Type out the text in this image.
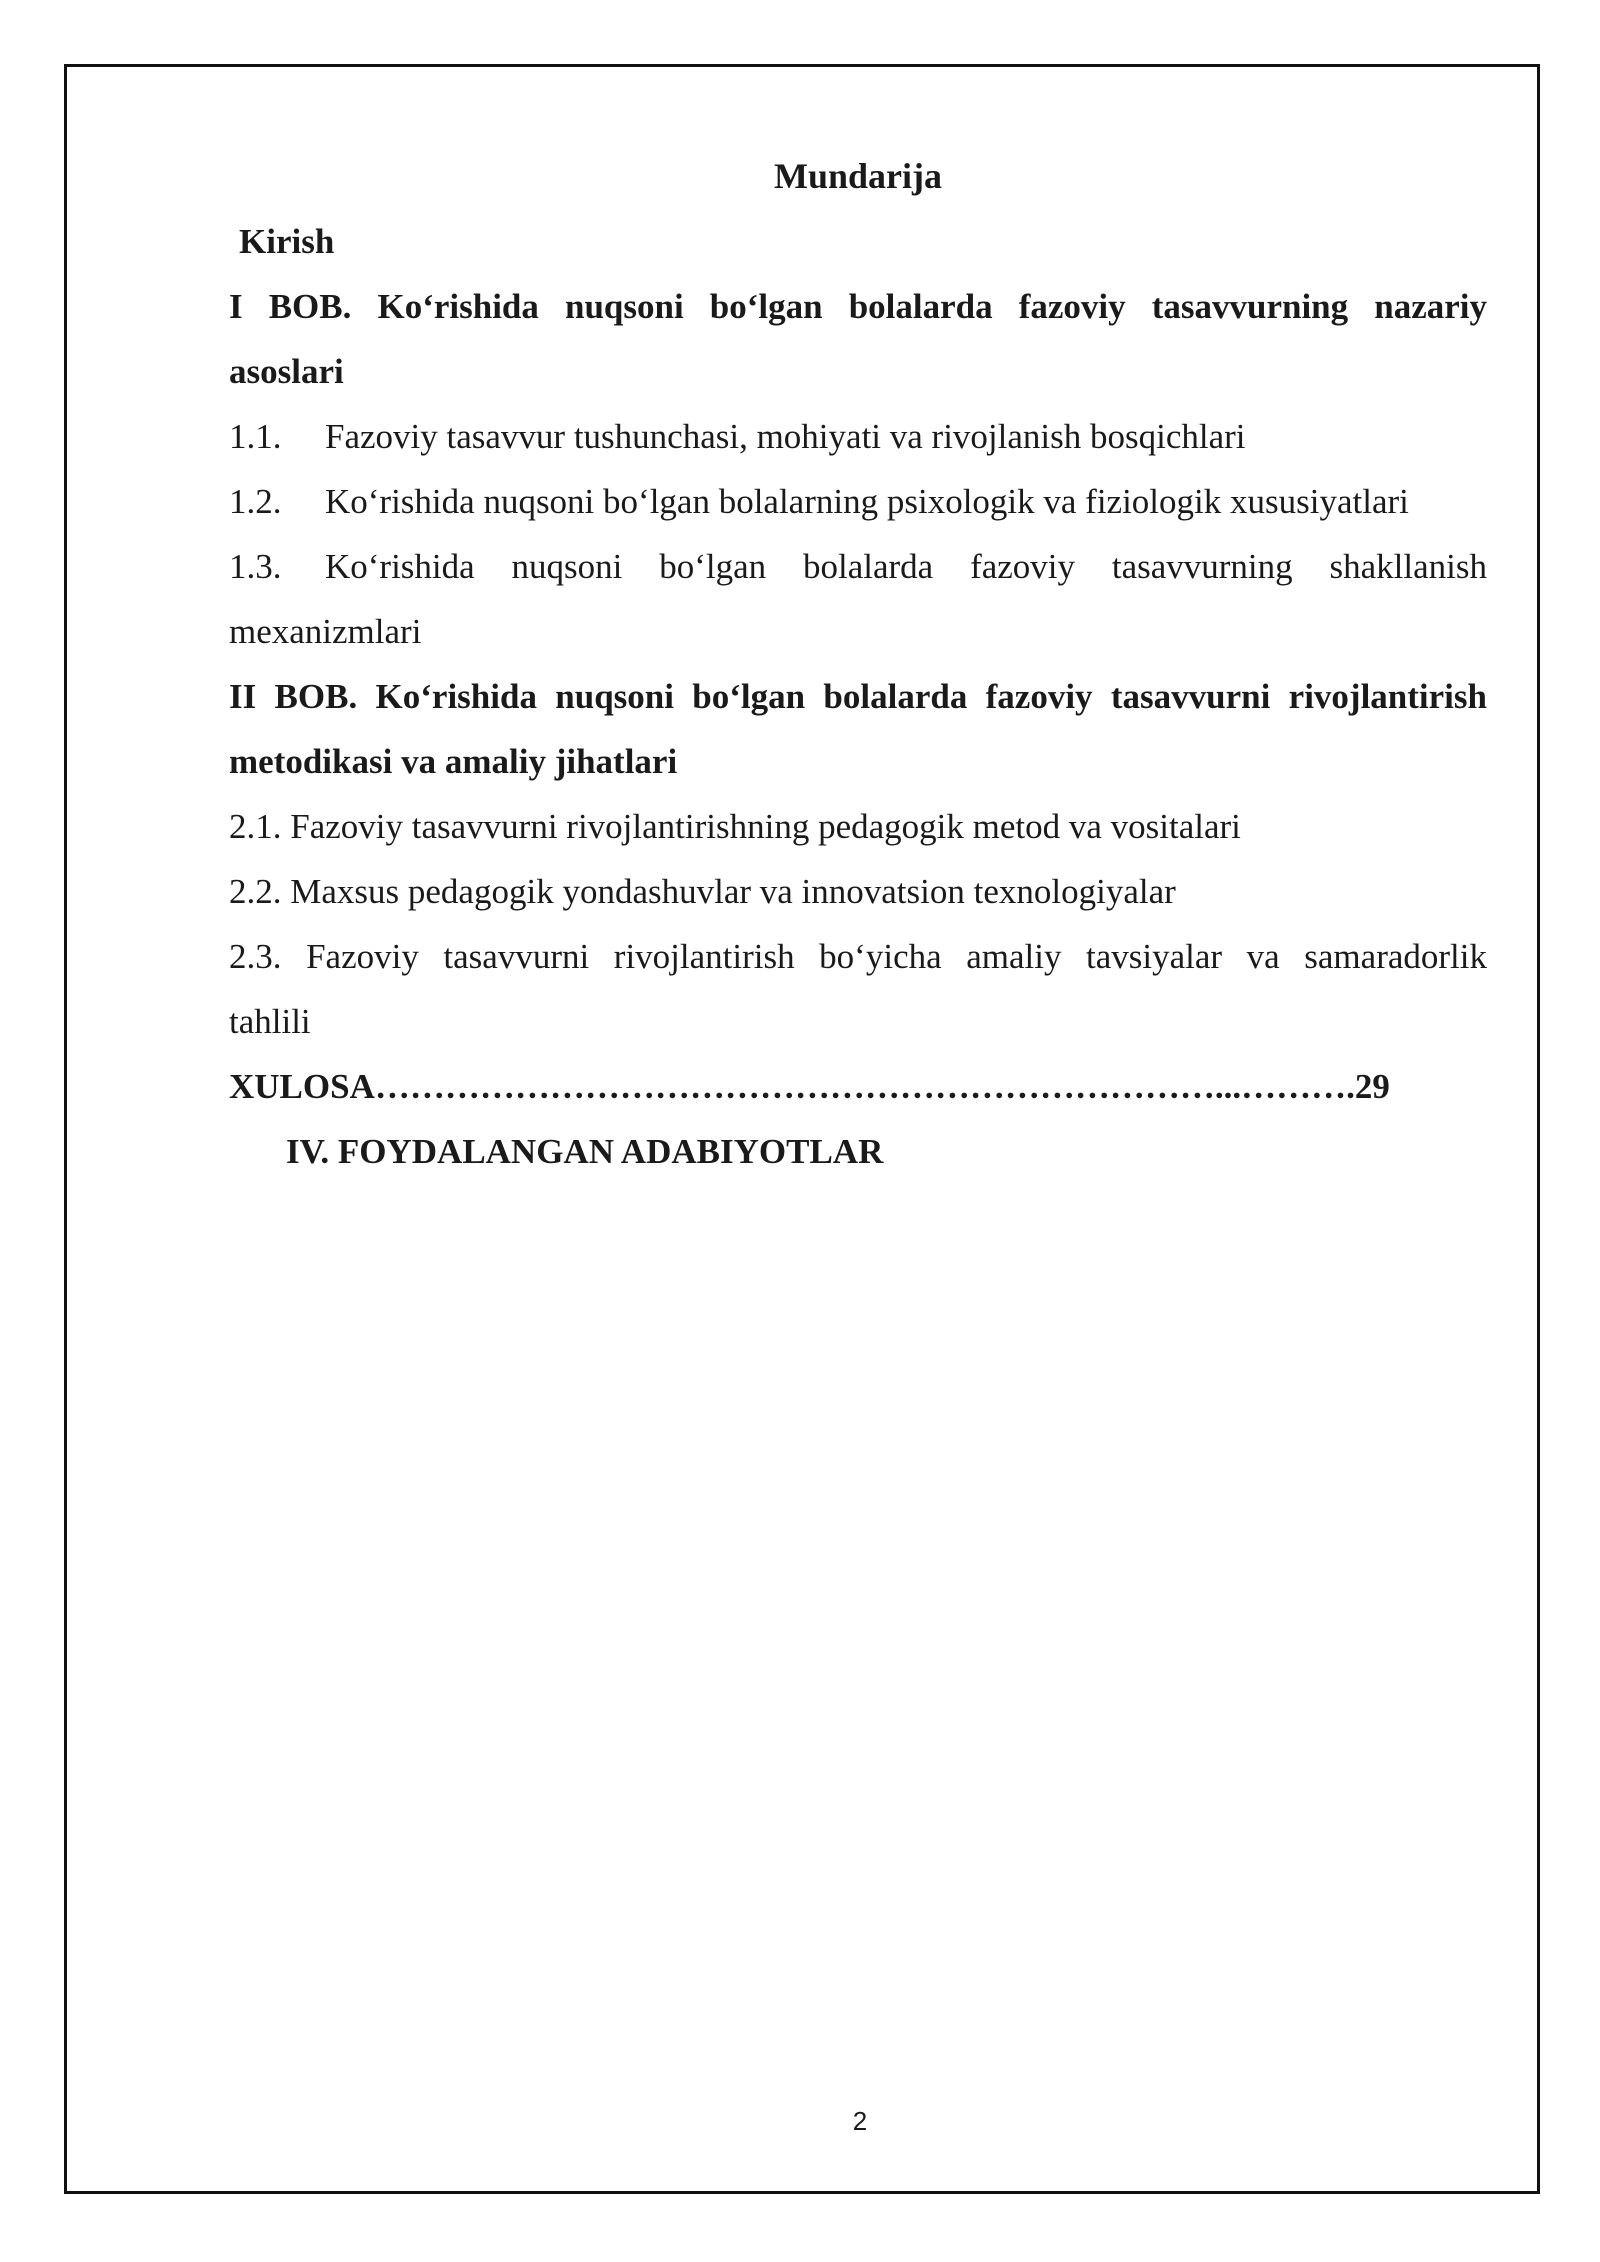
Mundarija

Kirish

I BOB. Ko‘rishida nuqsoni bo‘lgan bolalarda fazoviy tasavvurning nazariy

asoslari

1.1. Fazoviy tasavvur tushunchasi, mohiyati va rivojlanish bosqichlari

1.2. Ko‘rishida nuqsoni bo‘lgan bolalarning psixologik va fiziologik xususiyatlari

1.3.	Ko‘rishida nuqsoni bo‘lgan bolalarda fazoviy tasavvurning shakllanish

mexanizmlari

II BOB. Ko‘rishida nuqsoni bo‘lgan bolalarda fazoviy tasavvurni rivojlantirish

metodikasi va amaliy jihatlari

2.1. Fazoviy tasavvurni rivojlantirishning pedagogik metod va vositalari

2.2. Maxsus pedagogik yondashuvlar va innovatsion texnologiyalar

2.3. Fazoviy tasavvurni rivojlantirish bo‘yicha amaliy tavsiyalar va samaradorlik

tahlili

XULOSA………………………………………………………………...……….29

IV. FOYDALANGAN ADABIYOTLAR

2
